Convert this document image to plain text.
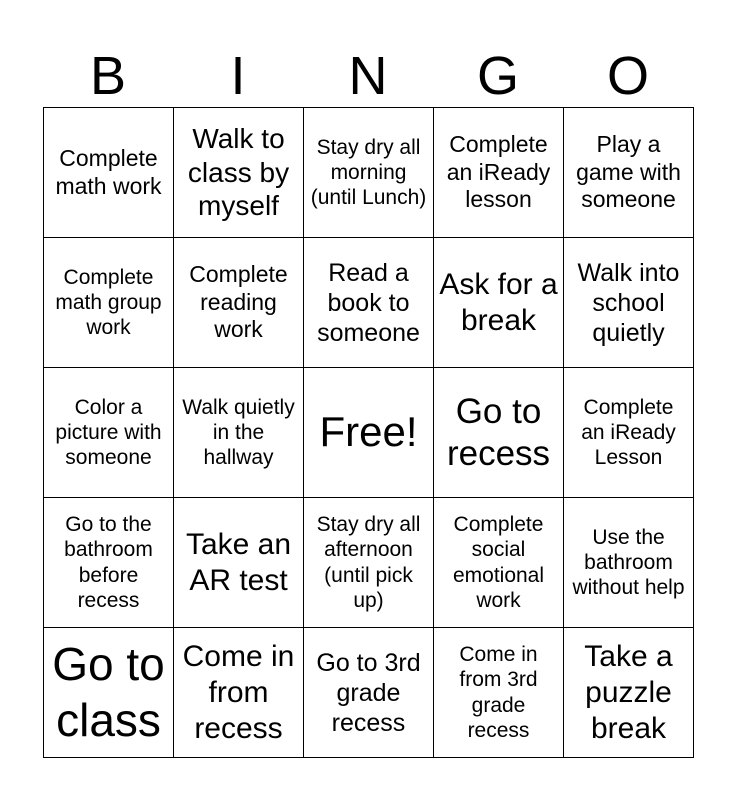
B	I	N	G	O
Complete math work	Walk to class by myself	Stay dry all morning (until Lunch)	Complete an iReady lesson	Play a game with someone
Complete math group work	Complete reading work	Read a book to someone	Ask for a break	Walk into school quietly
Color a picture with someone	Walk quietly in the hallway	Free!	Go to recess	Complete an iReady Lesson
Go to the bathroom before recess	Take an AR test	Stay dry all afternoon (until pick up)	Complete social emotional work	Use the bathroom without help
Go to class	Come in from recess	Go to 3rd grade recess	Come in from 3rd grade recess	Take a puzzle break
